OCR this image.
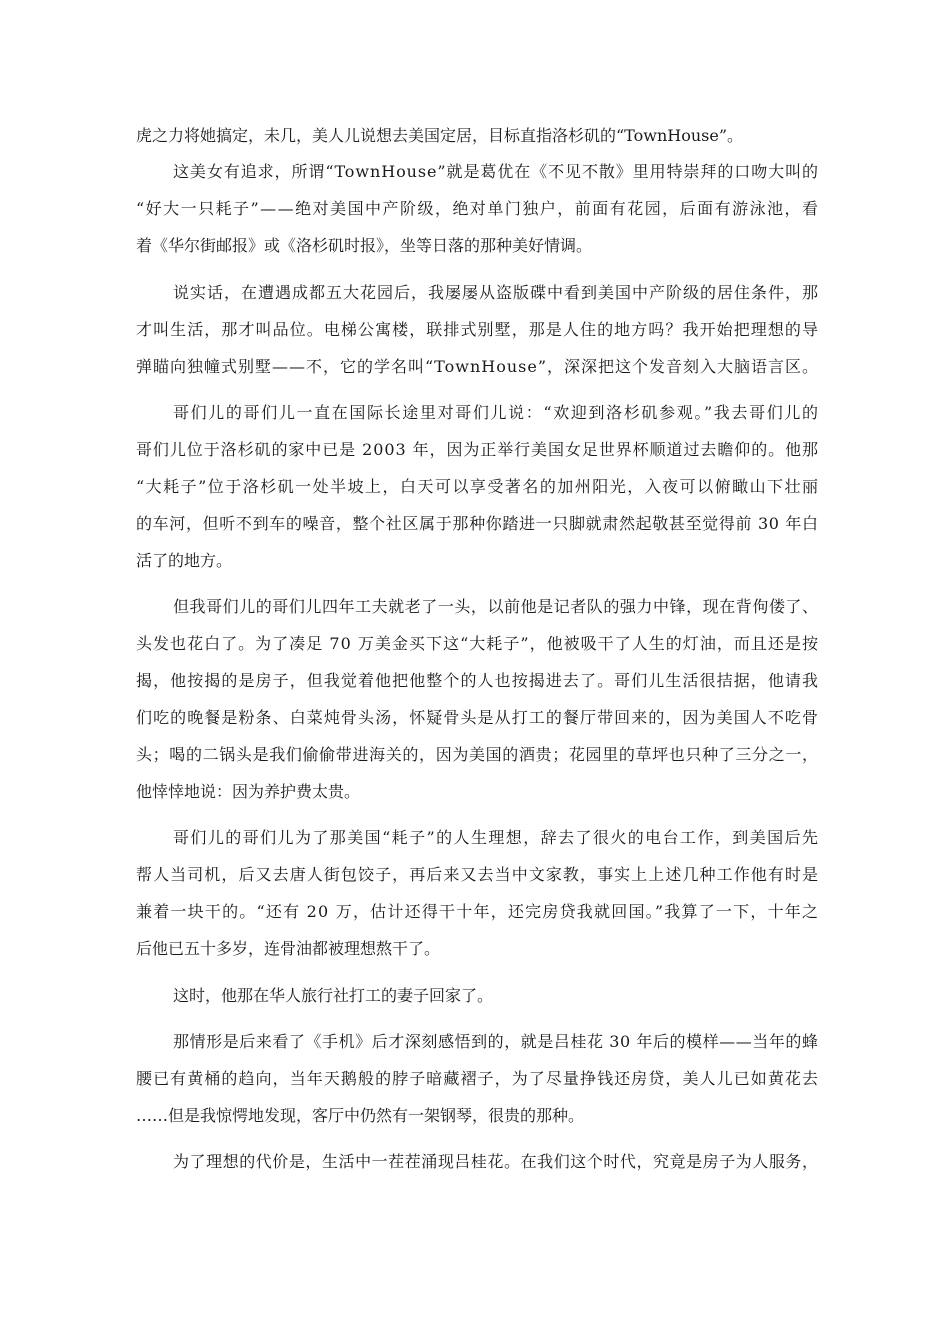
虎之力将她搞定，未几，美人儿说想去美国定居，目标直指洛杉矶的“TownHouse”。
这美女有追求，所谓“TownHouse”就是葛优在《不见不散》里用特崇拜的口吻大叫的
“好大一只耗子”——绝对美国中产阶级，绝对单门独户，前面有花园，后面有游泳池，看
着《华尔街邮报》或《洛杉矶时报》，坐等日落的那种美好情调。
说实话，在遭遇成都五大花园后，我屡屡从盗版碟中看到美国中产阶级的居住条件，那
才叫生活，那才叫品位。电梯公寓楼，联排式别墅，那是人住的地方吗？我开始把理想的导
弹瞄向独幢式别墅——不，它的学名叫“TownHouse”，深深把这个发音刻入大脑语言区。
哥们儿的哥们儿一直在国际长途里对哥们儿说：“欢迎到洛杉矶参观。”我去哥们儿的
哥们儿位于洛杉矶的家中已是 2003 年，因为正举行美国女足世界杯顺道过去瞻仰的。他那
“大耗子”位于洛杉矶一处半坡上，白天可以享受著名的加州阳光，入夜可以俯瞰山下壮丽
的车河，但听不到车的噪音，整个社区属于那种你踏进一只脚就肃然起敬甚至觉得前 30 年白
活了的地方。
但我哥们儿的哥们儿四年工夫就老了一头，以前他是记者队的强力中锋，现在背佝偻了、
头发也花白了。为了凑足 70 万美金买下这“大耗子”，他被吸干了人生的灯油，而且还是按
揭，他按揭的是房子，但我觉着他把他整个的人也按揭进去了。哥们儿生活很拮据，他请我
们吃的晚餐是粉条、白菜炖骨头汤，怀疑骨头是从打工的餐厅带回来的，因为美国人不吃骨
头；喝的二锅头是我们偷偷带进海关的，因为美国的酒贵；花园里的草坪也只种了三分之一，
他悻悻地说：因为养护费太贵。
哥们儿的哥们儿为了那美国“耗子”的人生理想，辞去了很火的电台工作，到美国后先
帮人当司机，后又去唐人街包饺子，再后来又去当中文家教，事实上上述几种工作他有时是
兼着一块干的。“还有 20 万，估计还得干十年，还完房贷我就回国。”我算了一下，十年之
后他已五十多岁，连骨油都被理想熬干了。
这时，他那在华人旅行社打工的妻子回家了。
那情形是后来看了《手机》后才深刻感悟到的，就是吕桂花 30 年后的模样——当年的蜂
腰已有黄桶的趋向，当年天鹅般的脖子暗藏褶子，为了尽量挣钱还房贷，美人儿已如黄花去
……但是我惊愕地发现，客厅中仍然有一架钢琴，很贵的那种。
为了理想的代价是，生活中一茬茬涌现吕桂花。在我们这个时代，究竟是房子为人服务，
